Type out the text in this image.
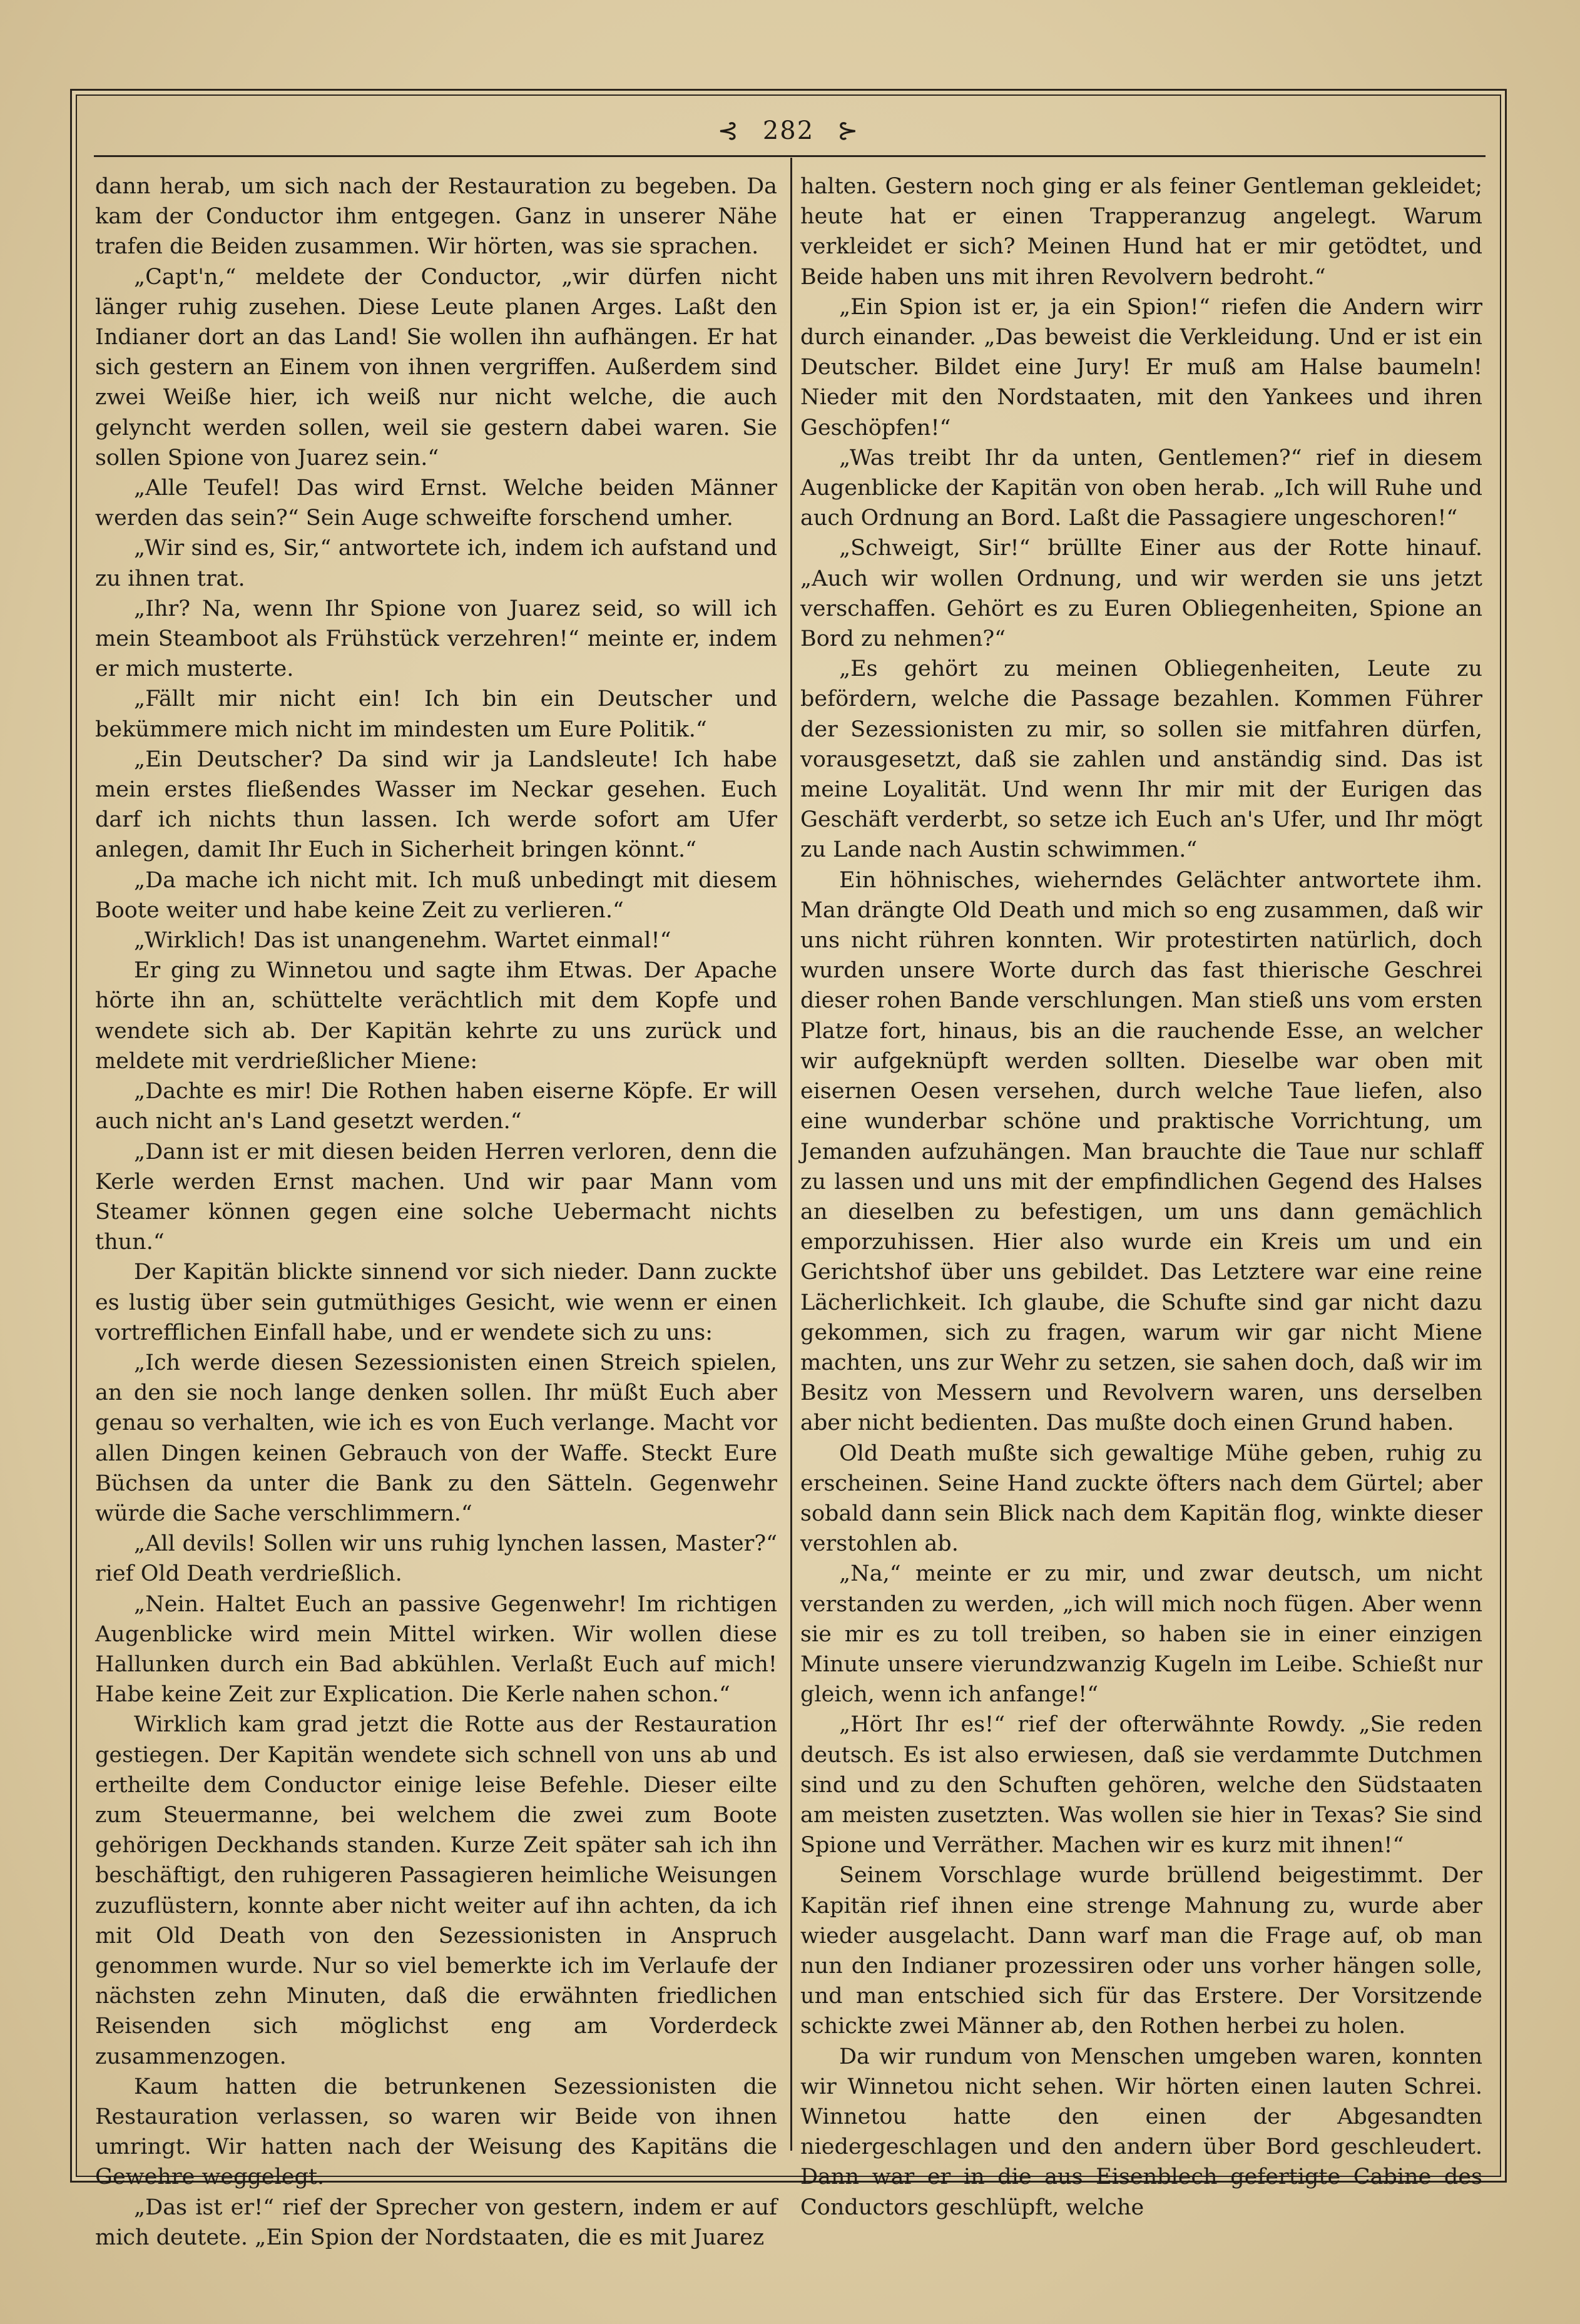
⊰ 282 ⊱

dann herab, um sich nach der Restauration zu begeben. Da kam der Conductor ihm entgegen. Ganz in unserer Nähe trafen die Beiden zusammen. Wir hörten, was sie sprachen.

„Capt'n,“ meldete der Conductor, „wir dürfen nicht länger ruhig zusehen. Diese Leute planen Arges. Laßt den Indianer dort an das Land! Sie wollen ihn aufhängen. Er hat sich gestern an Einem von ihnen vergriffen. Außerdem sind zwei Weiße hier, ich weiß nur nicht welche, die auch gelyncht werden sollen, weil sie gestern dabei waren. Sie sollen Spione von Juarez sein.“

„Alle Teufel! Das wird Ernst. Welche beiden Männer werden das sein?“ Sein Auge schweifte forschend umher.

„Wir sind es, Sir,“ antwortete ich, indem ich aufstand und zu ihnen trat.

„Ihr? Na, wenn Ihr Spione von Juarez seid, so will ich mein Steamboot als Frühstück verzehren!“ meinte er, indem er mich musterte.

„Fällt mir nicht ein! Ich bin ein Deutscher und bekümmere mich nicht im mindesten um Eure Politik.“

„Ein Deutscher? Da sind wir ja Landsleute! Ich habe mein erstes fließendes Wasser im Neckar gesehen. Euch darf ich nichts thun lassen. Ich werde sofort am Ufer anlegen, damit Ihr Euch in Sicherheit bringen könnt.“

„Da mache ich nicht mit. Ich muß unbedingt mit diesem Boote weiter und habe keine Zeit zu verlieren.“

„Wirklich! Das ist unangenehm. Wartet einmal!“

Er ging zu Winnetou und sagte ihm Etwas. Der Apache hörte ihn an, schüttelte verächtlich mit dem Kopfe und wendete sich ab. Der Kapitän kehrte zu uns zurück und meldete mit verdrießlicher Miene:

„Dachte es mir! Die Rothen haben eiserne Köpfe. Er will auch nicht an's Land gesetzt werden.“

„Dann ist er mit diesen beiden Herren verloren, denn die Kerle werden Ernst machen. Und wir paar Mann vom Steamer können gegen eine solche Uebermacht nichts thun.“

Der Kapitän blickte sinnend vor sich nieder. Dann zuckte es lustig über sein gutmüthiges Gesicht, wie wenn er einen vortrefflichen Einfall habe, und er wendete sich zu uns:

„Ich werde diesen Sezessionisten einen Streich spielen, an den sie noch lange denken sollen. Ihr müßt Euch aber genau so verhalten, wie ich es von Euch verlange. Macht vor allen Dingen keinen Gebrauch von der Waffe. Steckt Eure Büchsen da unter die Bank zu den Sätteln. Gegenwehr würde die Sache verschlimmern.“

„All devils! Sollen wir uns ruhig lynchen lassen, Master?“ rief Old Death verdrießlich.

„Nein. Haltet Euch an passive Gegenwehr! Im richtigen Augenblicke wird mein Mittel wirken. Wir wollen diese Hallunken durch ein Bad abkühlen. Verlaßt Euch auf mich! Habe keine Zeit zur Explication. Die Kerle nahen schon.“

Wirklich kam grad jetzt die Rotte aus der Restauration gestiegen. Der Kapitän wendete sich schnell von uns ab und ertheilte dem Conductor einige leise Befehle. Dieser eilte zum Steuermanne, bei welchem die zwei zum Boote gehörigen Deckhands standen. Kurze Zeit später sah ich ihn beschäftigt, den ruhigeren Passagieren heimliche Weisungen zuzuflüstern, konnte aber nicht weiter auf ihn achten, da ich mit Old Death von den Sezessionisten in Anspruch genommen wurde. Nur so viel bemerkte ich im Verlaufe der nächsten zehn Minuten, daß die erwähnten friedlichen Reisenden sich möglichst eng am Vorderdeck zusammenzogen.

Kaum hatten die betrunkenen Sezessionisten die Restauration verlassen, so waren wir Beide von ihnen umringt. Wir hatten nach der Weisung des Kapitäns die Gewehre weggelegt.

„Das ist er!“ rief der Sprecher von gestern, indem er auf mich deutete. „Ein Spion der Nordstaaten, die es mit Juarez

halten. Gestern noch ging er als feiner Gentleman gekleidet; heute hat er einen Trapperanzug angelegt. Warum verkleidet er sich? Meinen Hund hat er mir getödtet, und Beide haben uns mit ihren Revolvern bedroht.“

„Ein Spion ist er, ja ein Spion!“ riefen die Andern wirr durch einander. „Das beweist die Verkleidung. Und er ist ein Deutscher. Bildet eine Jury! Er muß am Halse baumeln! Nieder mit den Nordstaaten, mit den Yankees und ihren Geschöpfen!“

„Was treibt Ihr da unten, Gentlemen?“ rief in diesem Augenblicke der Kapitän von oben herab. „Ich will Ruhe und auch Ordnung an Bord. Laßt die Passagiere ungeschoren!“

„Schweigt, Sir!“ brüllte Einer aus der Rotte hinauf. „Auch wir wollen Ordnung, und wir werden sie uns jetzt verschaffen. Gehört es zu Euren Obliegenheiten, Spione an Bord zu nehmen?“

„Es gehört zu meinen Obliegenheiten, Leute zu befördern, welche die Passage bezahlen. Kommen Führer der Sezessionisten zu mir, so sollen sie mitfahren dürfen, vorausgesetzt, daß sie zahlen und anständig sind. Das ist meine Loyalität. Und wenn Ihr mir mit der Eurigen das Geschäft verderbt, so setze ich Euch an's Ufer, und Ihr mögt zu Lande nach Austin schwimmen.“

Ein höhnisches, wieherndes Gelächter antwortete ihm. Man drängte Old Death und mich so eng zusammen, daß wir uns nicht rühren konnten. Wir protestirten natürlich, doch wurden unsere Worte durch das fast thierische Geschrei dieser rohen Bande verschlungen. Man stieß uns vom ersten Platze fort, hinaus, bis an die rauchende Esse, an welcher wir aufgeknüpft werden sollten. Dieselbe war oben mit eisernen Oesen versehen, durch welche Taue liefen, also eine wunderbar schöne und praktische Vorrichtung, um Jemanden aufzuhängen. Man brauchte die Taue nur schlaff zu lassen und uns mit der empfindlichen Gegend des Halses an dieselben zu befestigen, um uns dann gemächlich emporzuhissen. Hier also wurde ein Kreis um und ein Gerichtshof über uns gebildet. Das Letztere war eine reine Lächerlichkeit. Ich glaube, die Schufte sind gar nicht dazu gekommen, sich zu fragen, warum wir gar nicht Miene machten, uns zur Wehr zu setzen, sie sahen doch, daß wir im Besitz von Messern und Revolvern waren, uns derselben aber nicht bedienten. Das mußte doch einen Grund haben.

Old Death mußte sich gewaltige Mühe geben, ruhig zu erscheinen. Seine Hand zuckte öfters nach dem Gürtel; aber sobald dann sein Blick nach dem Kapitän flog, winkte dieser verstohlen ab.

„Na,“ meinte er zu mir, und zwar deutsch, um nicht verstanden zu werden, „ich will mich noch fügen. Aber wenn sie mir es zu toll treiben, so haben sie in einer einzigen Minute unsere vierundzwanzig Kugeln im Leibe. Schießt nur gleich, wenn ich anfange!“

„Hört Ihr es!“ rief der ofterwähnte Rowdy. „Sie reden deutsch. Es ist also erwiesen, daß sie verdammte Dutchmen sind und zu den Schuften gehören, welche den Südstaaten am meisten zusetzten. Was wollen sie hier in Texas? Sie sind Spione und Verräther. Machen wir es kurz mit ihnen!“

Seinem Vorschlage wurde brüllend beigestimmt. Der Kapitän rief ihnen eine strenge Mahnung zu, wurde aber wieder ausgelacht. Dann warf man die Frage auf, ob man nun den Indianer prozessiren oder uns vorher hängen solle, und man entschied sich für das Erstere. Der Vorsitzende schickte zwei Männer ab, den Rothen herbei zu holen.

Da wir rundum von Menschen umgeben waren, konnten wir Winnetou nicht sehen. Wir hörten einen lauten Schrei. Winnetou hatte den einen der Abgesandten niedergeschlagen und den andern über Bord geschleudert. Dann war er in die aus Eisenblech gefertigte Cabine des Conductors geschlüpft, welche
